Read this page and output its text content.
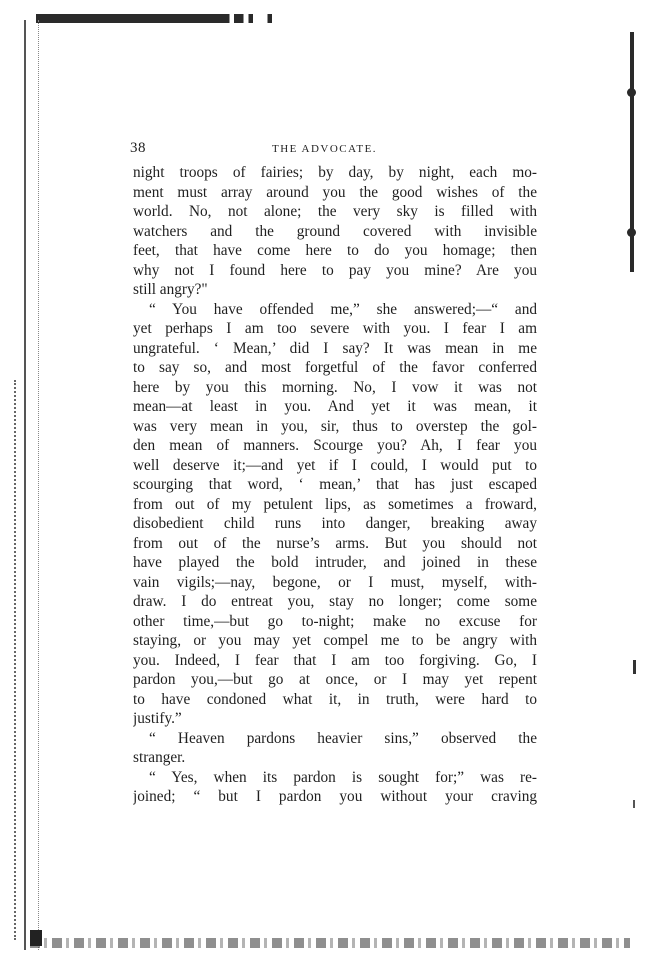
38	THE ADVOCATE.
night troops of fairies; by day, by night, each mo-
ment must array around you the good wishes of the
world. No, not alone; the very sky is filled with
watchers and the ground covered with invisible
feet, that have come here to do you homage; then
why not I found here to pay you mine? Are you
still angry?"
“ You have offended me,” she answered;—“ and
yet perhaps I am too severe with you. I fear I am
ungrateful. ‘ Mean,’ did I say? It was mean in me
to say so, and most forgetful of the favor conferred
here by you this morning. No, I vow it was not
mean—at least in you. And yet it was mean, it
was very mean in you, sir, thus to overstep the gol-
den mean of manners. Scourge you? Ah, I fear you
well deserve it;—and yet if I could, I would put to
scourging that word, ‘ mean,’ that has just escaped
from out of my petulent lips, as sometimes a froward,
disobedient child runs into danger, breaking away
from out of the nurse’s arms. But you should not
have played the bold intruder, and joined in these
vain vigils;—nay, begone, or I must, myself, with-
draw. I do entreat you, stay no longer; come some
other time,—but go to-night; make no excuse for
staying, or you may yet compel me to be angry with
you. Indeed, I fear that I am too forgiving. Go, I
pardon you,—but go at once, or I may yet repent
to have condoned what it, in truth, were hard to
justify.”
“ Heaven pardons heavier sins,” observed the
stranger.
“ Yes, when its pardon is sought for;” was re-
joined; “ but I pardon you without your craving
